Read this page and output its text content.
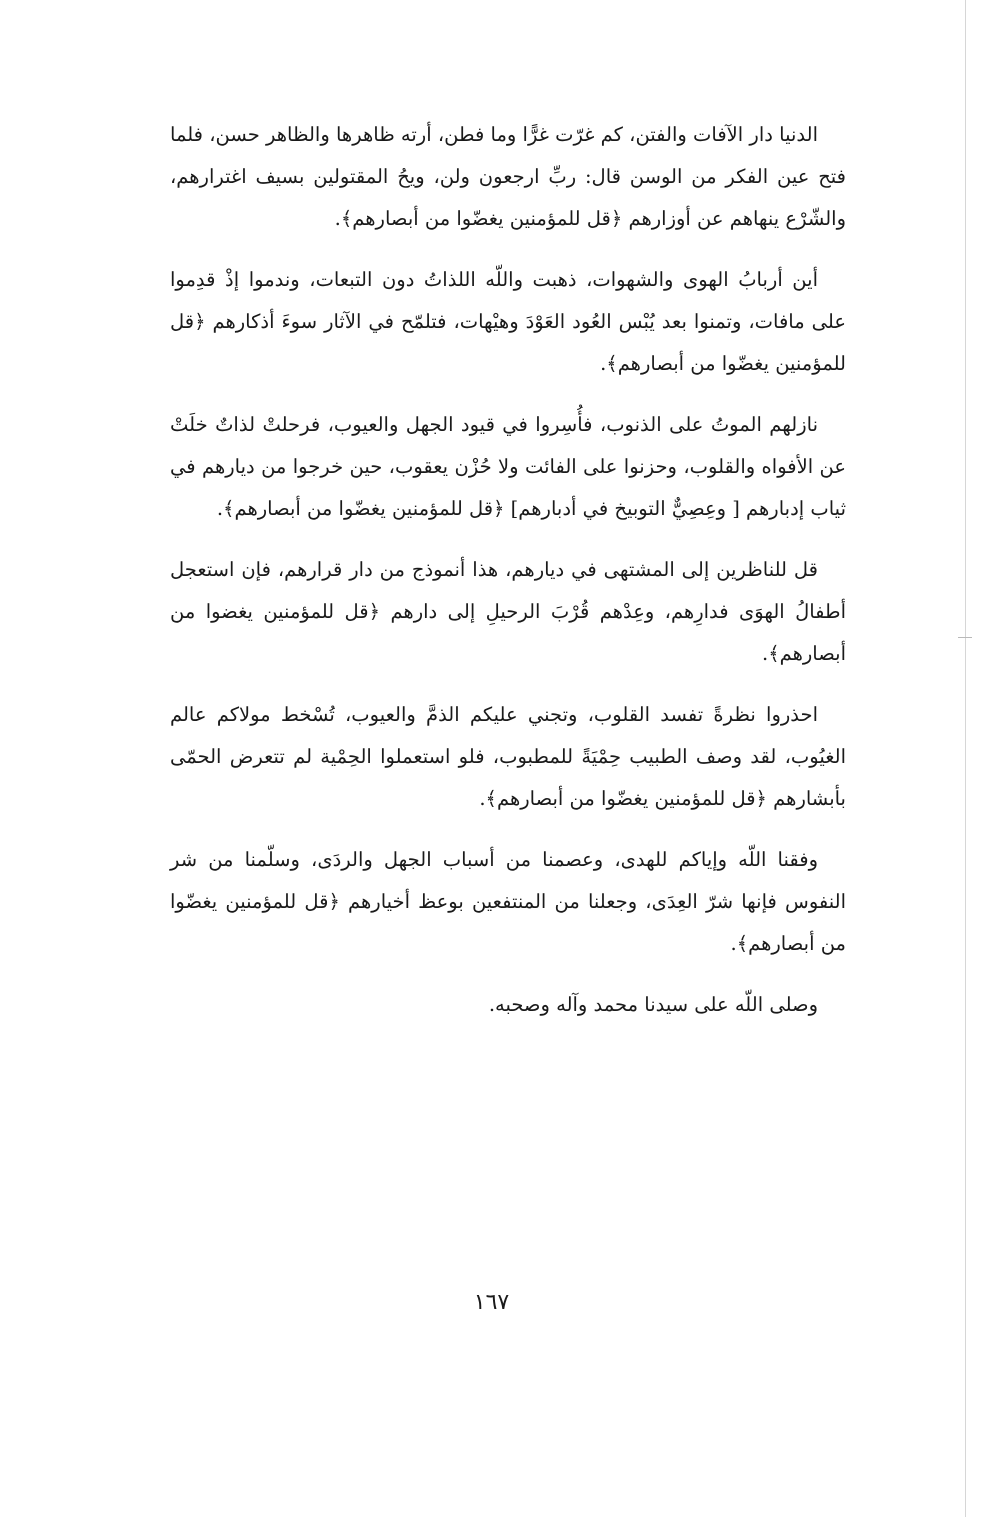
الدنيا دار الآفات والفتن، كم غرّت غرًّا وما فطن، أرته ظاهرها والظاهر حسن، فلما فتح عين الفكر من الوسن قال: ربِّ ارجعون ولن، ويحُ المقتولين بسيف اغترارهم، والشّرْع ينهاهم عن أوزارهم ﴿قل للمؤمنين يغضّوا من أبصارهم﴾.

أين أربابُ الهوى والشهوات، ذهبت واللّه اللذاتُ دون التبعات، وندموا إذْ قدِموا على مافات، وتمنوا بعد يُبْس العُود العَوْدَ وهيْهات، فتلمّح في الآثار سوءَ أذكارهم ﴿قل للمؤمنين يغضّوا من أبصارهم﴾.

نازلهم الموتُ على الذنوب، فأُسِروا في قيود الجهل والعيوب، فرحلتْ لذاتٌ خلَتْ عن الأفواه والقلوب، وحزنوا على الفائت ولا حُزْن يعقوب، حين خرجوا من ديارهم في ثياب إدبارهم [ وعِصِيٌّ التوبيخ في أدبارهم] ﴿قل للمؤمنين يغضّوا من أبصارهم﴾.

قل للناظرين إلى المشتهى في ديارهم، هذا أنموذج من دار قرارهم، فإن استعجل أطفالُ الهوَى فدارِهم، وعِدْهم قُرْبَ الرحيلِ إلى دارهم ﴿قل للمؤمنين يغضوا من أبصارهم﴾.

احذروا نظرةً تفسد القلوب، وتجني عليكم الذمَّ والعيوب، تُسْخط مولاكم عالم الغيُوب، لقد وصف الطبيب حِمْيَةً للمطبوب، فلو استعملوا الحِمْية لم تتعرض الحمّى بأبشارهم ﴿قل للمؤمنين يغضّوا من أبصارهم﴾.

وفقنا اللّه وإياكم للهدى، وعصمنا من أسباب الجهل والردَى، وسلّمنا من شر النفوس فإنها شرّ العِدَى، وجعلنا من المنتفعين بوعظ أخيارهم ﴿قل للمؤمنين يغضّوا من أبصارهم﴾.

وصلى اللّه على سيدنا محمد وآله وصحبه.

١٦٧
